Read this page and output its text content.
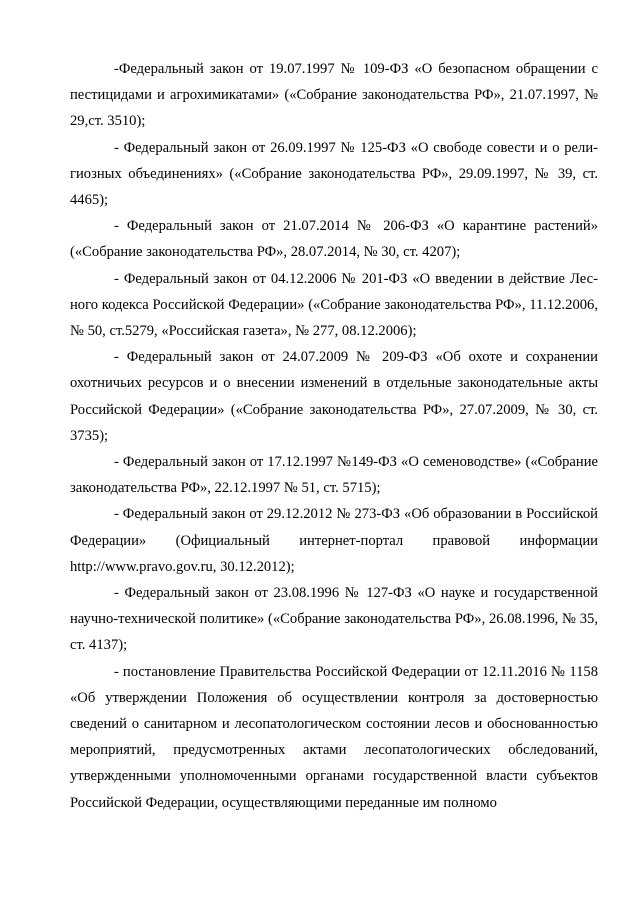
-Федеральный закон от 19.07.1997 № 109-ФЗ «О безопасном обращении с пестицидами и агрохимикатами» («Собрание законодательства РФ», 21.07.1997, № 29,ст. 3510);

- Федеральный закон от 26.09.1997 № 125-ФЗ «О свободе совести и о религиозных объединениях» («Собрание законодательства РФ», 29.09.1997, № 39, ст. 4465);

- Федеральный закон от 21.07.2014 № 206-ФЗ «О карантине растений» («Собрание законодательства РФ», 28.07.2014, № 30, ст. 4207);

- Федеральный закон от 04.12.2006 № 201-ФЗ «О введении в действие Лесного кодекса Российской Федерации» («Собрание законодательства РФ», 11.12.2006, № 50, ст.5279, «Российская газета», № 277, 08.12.2006);

- Федеральный закон от 24.07.2009 № 209-ФЗ «Об охоте и сохранении охотничьих ресурсов и о внесении изменений в отдельные законодательные акты Российской Федерации» («Собрание законодательства РФ», 27.07.2009, № 30, ст. 3735);

- Федеральный закон от 17.12.1997 №149-ФЗ «О семеноводстве» («Собрание законодательства РФ», 22.12.1997 № 51, ст. 5715);

- Федеральный закон от 29.12.2012 № 273-ФЗ «Об образовании в Российской Федерации» (Официальный интернет-портал правовой информации http://www.pravo.gov.ru, 30.12.2012);

- Федеральный закон от 23.08.1996 № 127-ФЗ «О науке и государственной научно-технической политике» («Собрание законодательства РФ», 26.08.1996, № 35, ст. 4137);

- постановление Правительства Российской Федерации от 12.11.2016 № 1158 «Об утверждении Положения об осуществлении контроля за достоверностью сведений о санитарном и лесопатологическом состоянии лесов и обоснованностью мероприятий, предусмотренных актами лесопатологических обследований, утвержденными уполномоченными органами государственной власти субъектов Российской Федерации, осуществляющими переданные им полномо
